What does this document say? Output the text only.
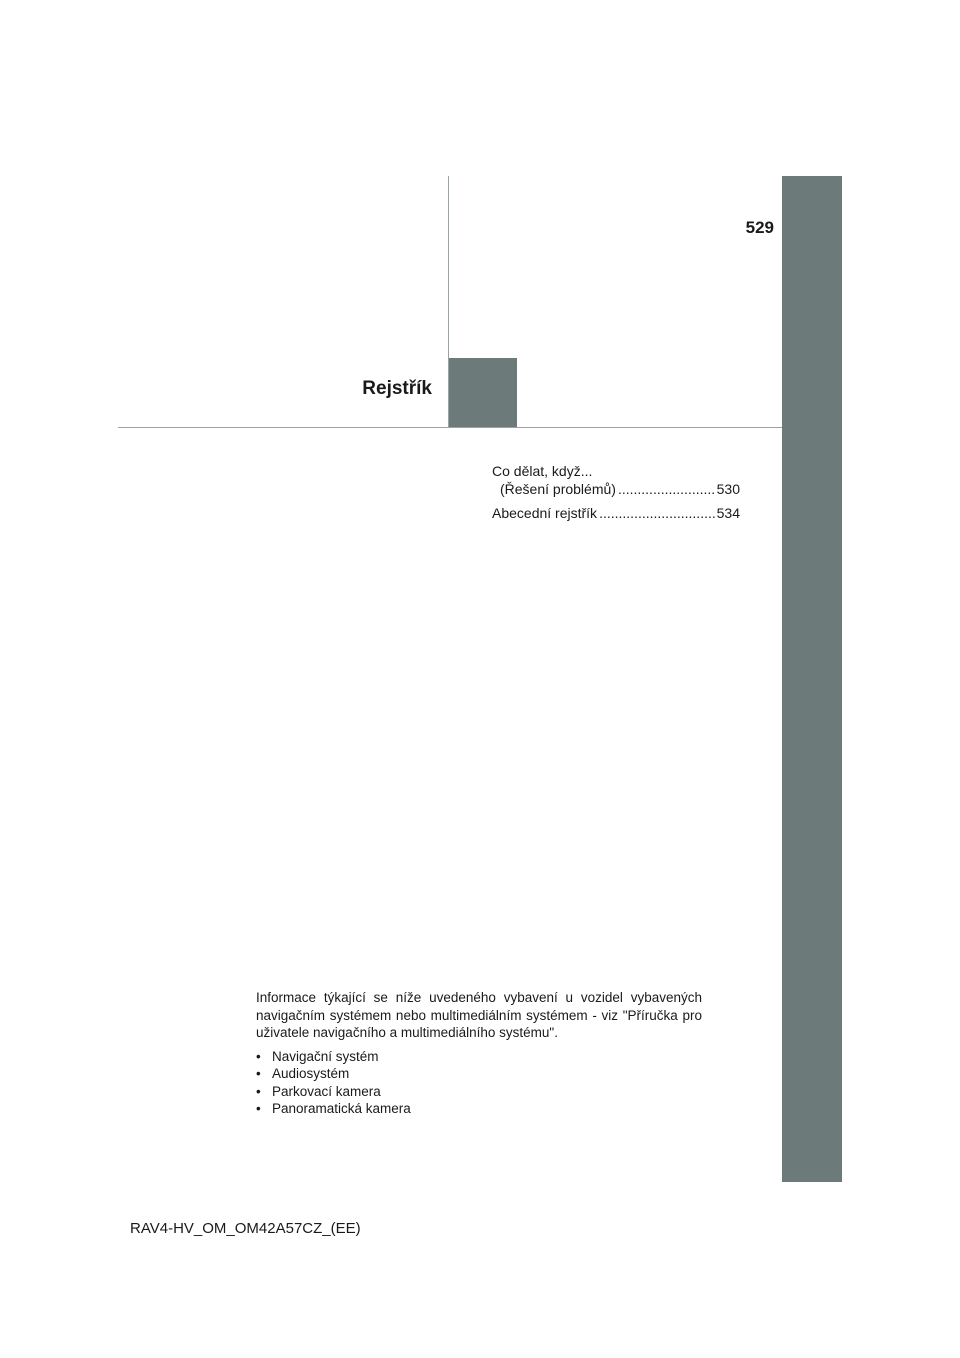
529
Rejstřík
Co dělat, když...
(Řešení problémů) .....	530
Abecední rejstřík .....	534

Informace týkající se níže uvedeného vybavení u vozidel vybavených navigačním systémem nebo multimediálním systémem - viz "Příručka pro uživatele navigačního a multimediálního systému".

• Navigační systém
• Audiosystém
• Parkovací kamera
• Panoramatická kamera
RAV4-HV_OM_OM42A57CZ_(EE)
